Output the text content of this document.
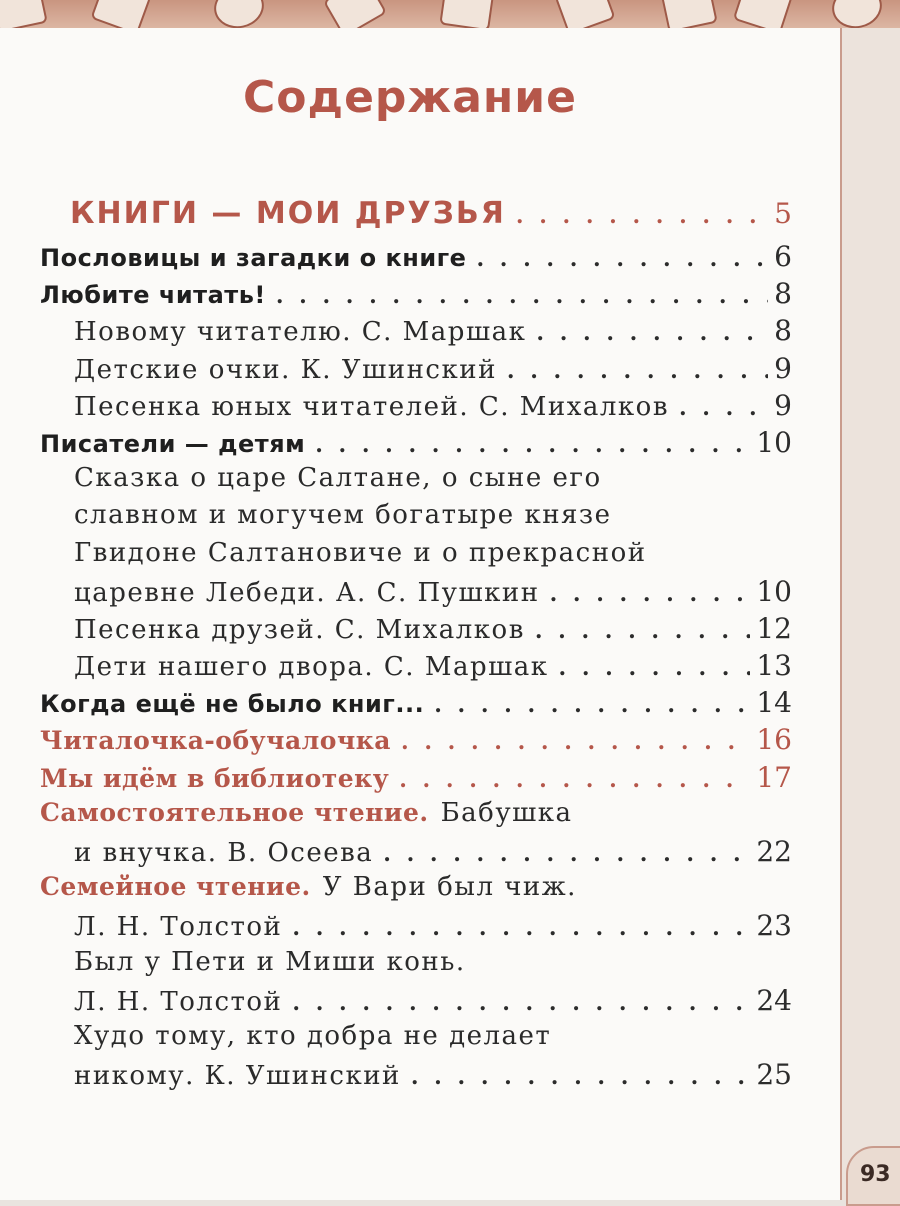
Содержание
КНИГИ — МОИ ДРУЗЬЯ . . .	5
Пословицы и загадки о книге . . .	6
Любите читать! . . .	8
Новому читателю. С. Маршак . . .	8
Детские очки. К. Ушинский . . .	9
Песенка юных читателей. С. Михалков . . .	9
Писатели — детям . . .	10
Сказка о царе Салтане, о сыне его
славном и могучем богатыре князе
Гвидоне Салтановиче и о прекрасной
царевне Лебеди. А. С. Пушкин . . .	10
Песенка друзей. С. Михалков . . .	12
Дети нашего двора. С. Маршак . . .	13
Когда ещё не было книг... . . .	14
Читалочка-обучалочка . . .	16
Мы идём в библиотеку . . .	17
Самостоятельное чтение. Бабушка
и внучка. В. Осеева . . .	22
Семейное чтение. У Вари был чиж.
Л. Н. Толстой . . .	23
Был у Пети и Миши конь.
Л. Н. Толстой . . .	24
Худо тому, кто добра не делает
никому. К. Ушинский . . .	25
93
